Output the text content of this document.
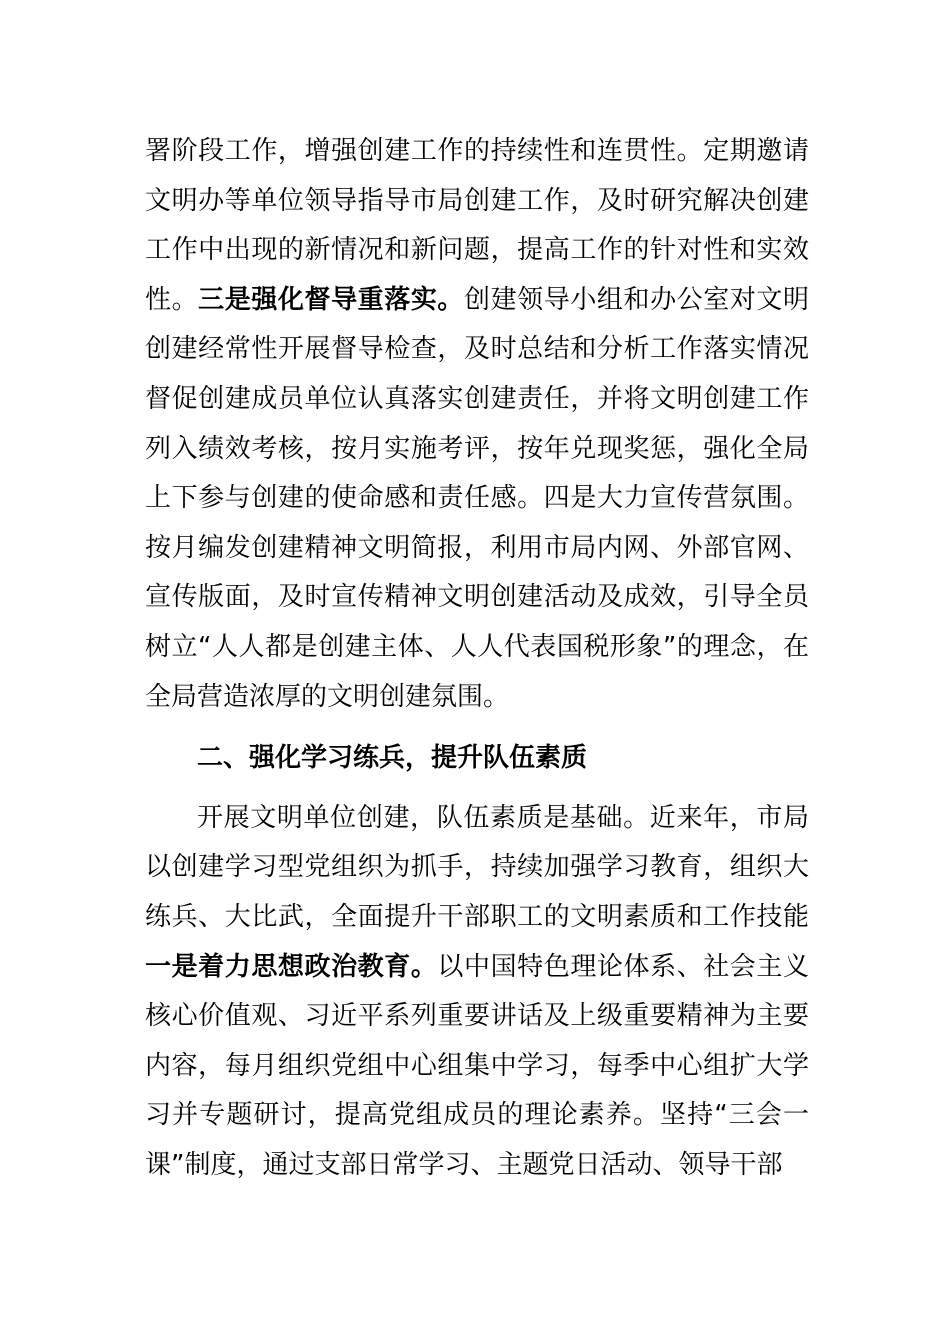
署阶段工作，增强创建工作的持续性和连贯性。定期邀请文明办等单位领导指导市局创建工作，及时研究解决创建工作中出现的新情况和新问题，提高工作的针对性和实效性。三是强化督导重落实。创建领导小组和办公室对文明创建经常性开展督导检查，及时总结和分析工作落实情况督促创建成员单位认真落实创建责任，并将文明创建工作列入绩效考核，按月实施考评，按年兑现奖惩，强化全局上下参与创建的使命感和责任感。四是大力宣传营氛围。按月编发创建精神文明简报，利用市局内网、外部官网、宣传版面，及时宣传精神文明创建活动及成效，引导全员树立“人人都是创建主体、人人代表国税形象”的理念，在全局营造浓厚的文明创建氛围。

二、强化学习练兵，提升队伍素质

开展文明单位创建，队伍素质是基础。近来年，市局以创建学习型党组织为抓手，持续加强学习教育，组织大练兵、大比武，全面提升干部职工的文明素质和工作技能一是着力思想政治教育。以中国特色理论体系、社会主义核心价值观、习近平系列重要讲话及上级重要精神为主要内容，每月组织党组中心组集中学习，每季中心组扩大学习并专题研讨，提高党组成员的理论素养。坚持“三会一课”制度，通过支部日常学习、主题党日活动、领导干部
